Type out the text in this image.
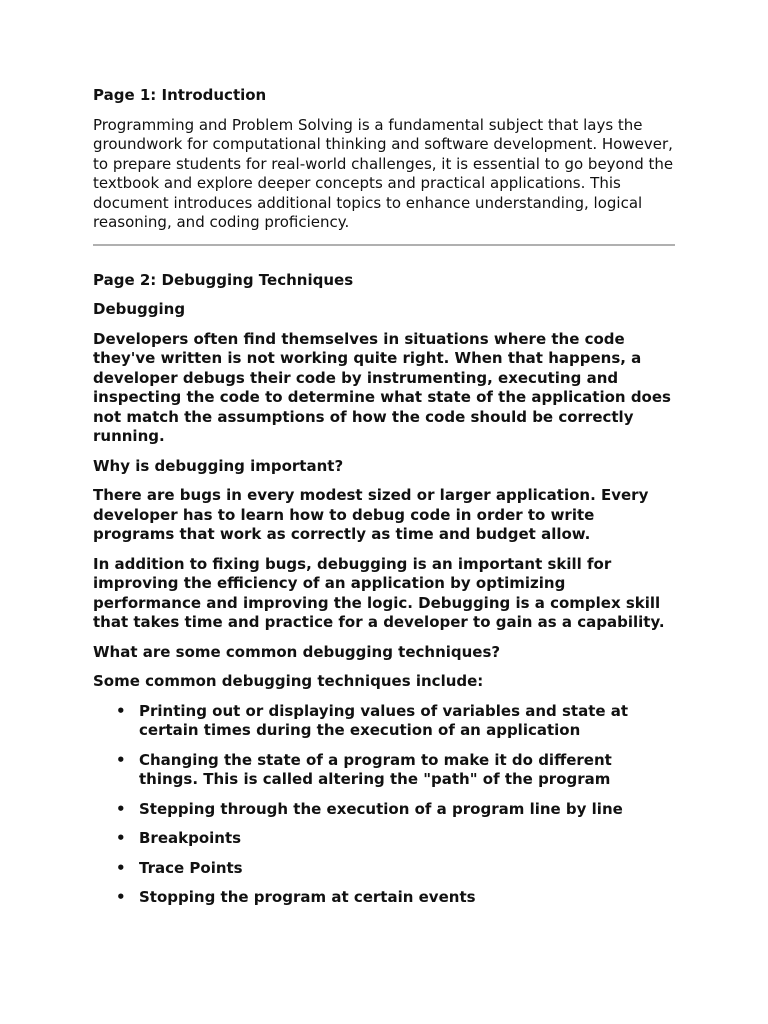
Page 1: Introduction
Programming and Problem Solving is a fundamental subject that lays the groundwork for computational thinking and software development. However, to prepare students for real-world challenges, it is essential to go beyond the textbook and explore deeper concepts and practical applications. This document introduces additional topics to enhance understanding, logical reasoning, and coding proficiency.
Page 2: Debugging Techniques
Debugging
Developers often find themselves in situations where the code they've written is not working quite right. When that happens, a developer debugs their code by instrumenting, executing and inspecting the code to determine what state of the application does not match the assumptions of how the code should be correctly running.
Why is debugging important?
There are bugs in every modest sized or larger application. Every developer has to learn how to debug code in order to write programs that work as correctly as time and budget allow.
In addition to fixing bugs, debugging is an important skill for improving the efficiency of an application by optimizing performance and improving the logic. Debugging is a complex skill that takes time and practice for a developer to gain as a capability.
What are some common debugging techniques?
Some common debugging techniques include:
• Printing out or displaying values of variables and state at certain times during the execution of an application
• Changing the state of a program to make it do different things. This is called altering the "path" of the program
• Stepping through the execution of a program line by line
• Breakpoints
• Trace Points
• Stopping the program at certain events
